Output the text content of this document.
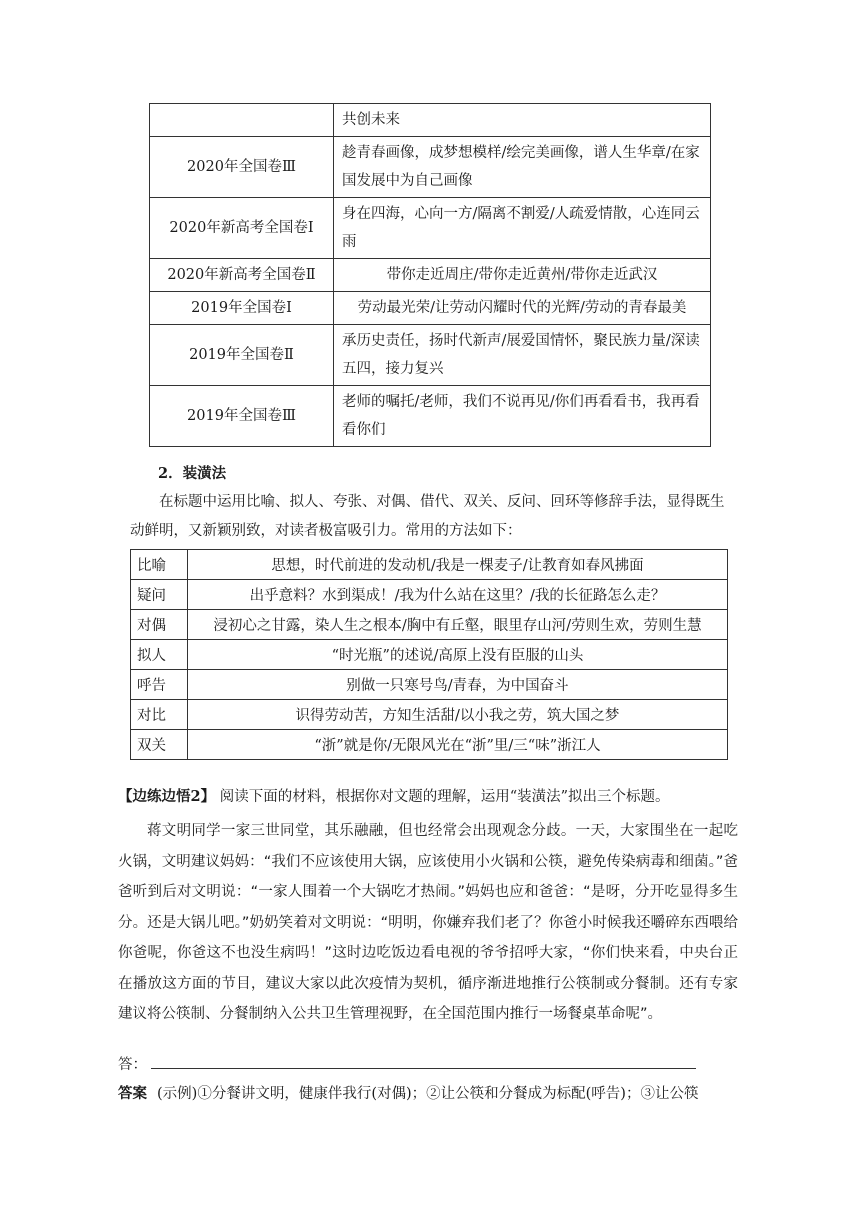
	共创未来
2020年全国卷Ⅲ	趁青春画像，成梦想模样/绘完美画像，谱人生华章/在家国发展中为自己画像
2020年新高考全国卷Ⅰ	身在四海，心向一方/隔离不割爱/人疏爱情散，心连同云雨
2020年新高考全国卷Ⅱ	带你走近周庄/带你走近黄州/带你走近武汉
2019年全国卷Ⅰ	劳动最光荣/让劳动闪耀时代的光辉/劳动的青春最美
2019年全国卷Ⅱ	承历史责任，扬时代新声/展爱国情怀，聚民族力量/深读五四，接力复兴
2019年全国卷Ⅲ	老师的嘱托/老师，我们不说再见/你们再看看书，我再看看你们
2．装潢法

在标题中运用比喻、拟人、夸张、对偶、借代、双关、反问、回环等修辞手法，显得既生动鲜明，又新颖别致，对读者极富吸引力。常用的方法如下：

比喻	思想，时代前进的发动机/我是一棵麦子/让教育如春风拂面
疑问	出乎意料？水到渠成！/我为什么站在这里？/我的长征路怎么走？
对偶	浸初心之甘露，染人生之根本/胸中有丘壑，眼里存山河/劳则生欢，劳则生慧
拟人	“时光瓶”的述说/高原上没有臣服的山头
呼告	别做一只寒号鸟/青春，为中国奋斗
对比	识得劳动苦，方知生活甜/以小我之劳，筑大国之梦
双关	“浙”就是你/无限风光在“浙”里/三“味”浙江人
【边练边悟2】 阅读下面的材料，根据你对文题的理解，运用“装潢法”拟出三个标题。

蒋文明同学一家三世同堂，其乐融融，但也经常会出现观念分歧。一天，大家围坐在一起吃火锅，文明建议妈妈：“我们不应该使用大锅，应该使用小火锅和公筷，避免传染病毒和细菌。”爸爸听到后对文明说：“一家人围着一个大锅吃才热闹。”妈妈也应和爸爸：“是呀，分开吃显得多生分。还是大锅儿吧。”奶奶笑着对文明说：“明明，你嫌弃我们老了？你爸小时候我还嚼碎东西喂给你爸呢，你爸这不也没生病吗！”这时边吃饭边看电视的爷爷招呼大家，“你们快来看，中央台正在播放这方面的节目，建议大家以此次疫情为契机，循序渐进地推行公筷制或分餐制。还有专家建议将公筷制、分餐制纳入公共卫生管理视野，在全国范围内推行一场餐桌革命呢”。

答：
答案 (示例)①分餐讲文明，健康伴我行(对偶)；②让公筷和分餐成为标配(呼告)；③让公筷
